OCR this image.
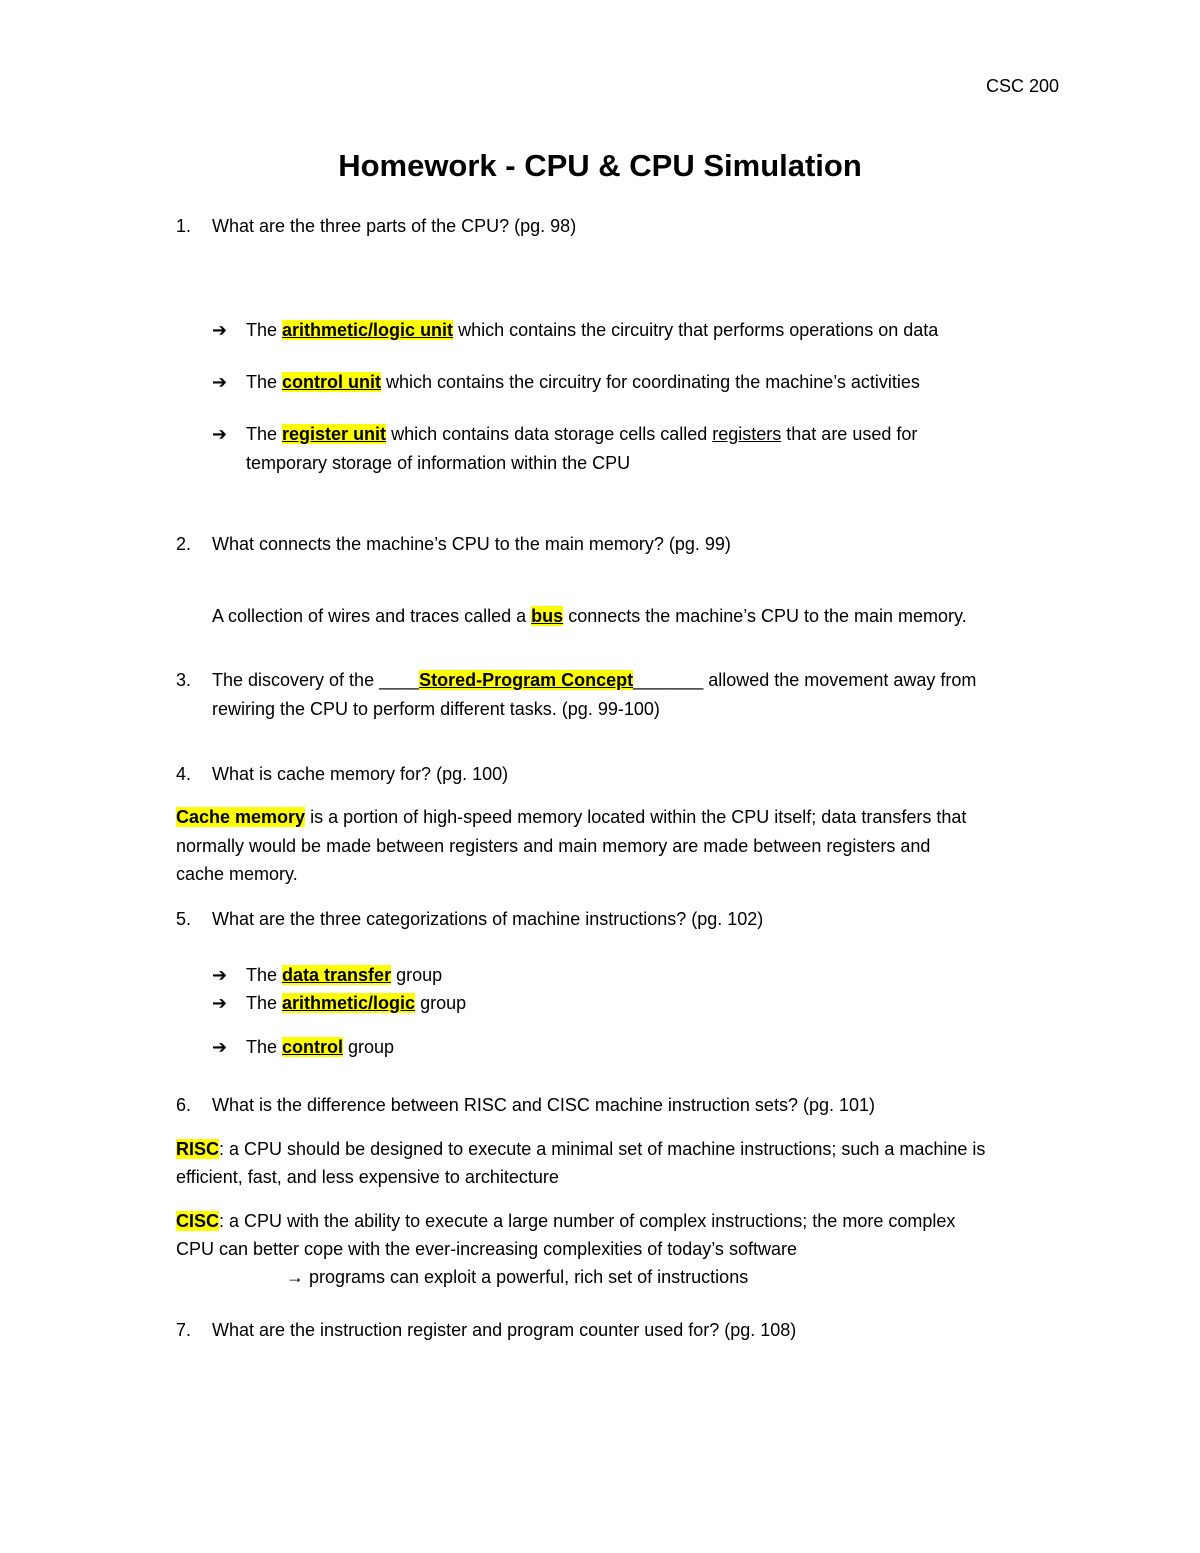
CSC 200
Homework - CPU & CPU Simulation
1. What are the three parts of the CPU? (pg. 98)
➔ The arithmetic/logic unit which contains the circuitry that performs operations on data
➔ The control unit which contains the circuitry for coordinating the machine’s activities
➔ The register unit which contains data storage cells called registers that are used for
temporary storage of information within the CPU
2. What connects the machine’s CPU to the main memory? (pg. 99)
A collection of wires and traces called a bus connects the machine’s CPU to the main memory.
3. The discovery of the ____Stored-Program Concept_______ allowed the movement away from
rewiring the CPU to perform different tasks. (pg. 99-100)
4. What is cache memory for? (pg. 100)
Cache memory is a portion of high-speed memory located within the CPU itself; data transfers that
normally would be made between registers and main memory are made between registers and
cache memory.
5. What are the three categorizations of machine instructions? (pg. 102)
➔ The data transfer group
➔ The arithmetic/logic group
➔ The control group
6. What is the difference between RISC and CISC machine instruction sets? (pg. 101)
RISC: a CPU should be designed to execute a minimal set of machine instructions; such a machine is
efficient, fast, and less expensive to architecture
CISC: a CPU with the ability to execute a large number of complex instructions; the more complex
CPU can better cope with the ever-increasing complexities of today’s software
→ programs can exploit a powerful, rich set of instructions
7. What are the instruction register and program counter used for? (pg. 108)
